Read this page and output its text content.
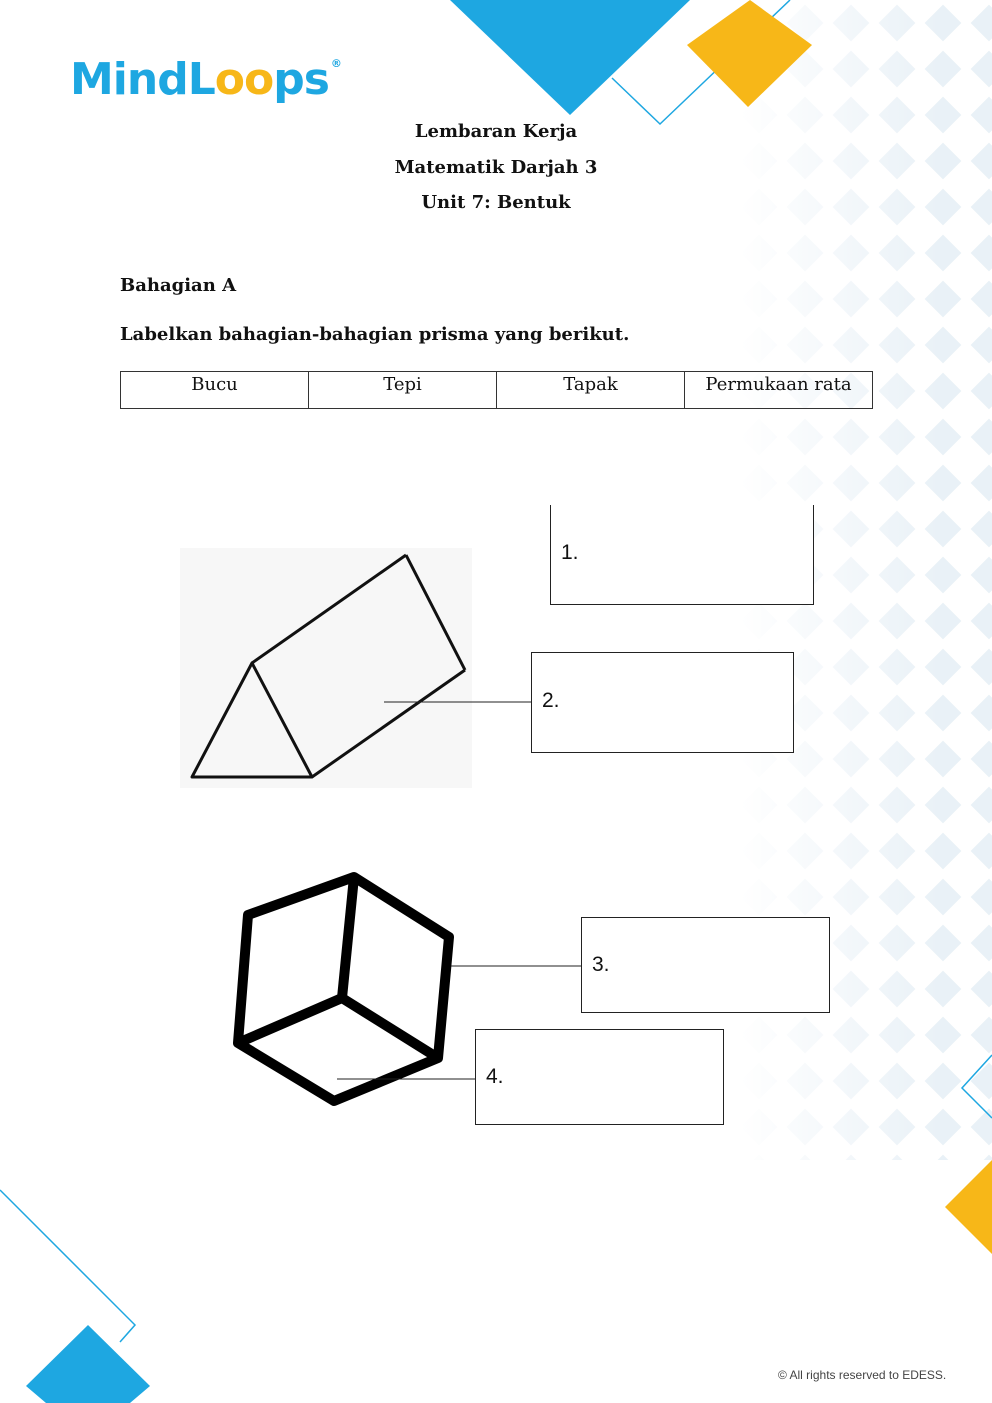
MindLoops ®
Lembaran Kerja
Matematik Darjah 3
Unit 7: Bentuk
Bahagian A
Labelkan bahagian-bahagian prisma yang berikut.
Bucu	Tepi	Tapak	Permukaan rata
1.
2.
3.
4.
© All rights reserved to EDESS.
